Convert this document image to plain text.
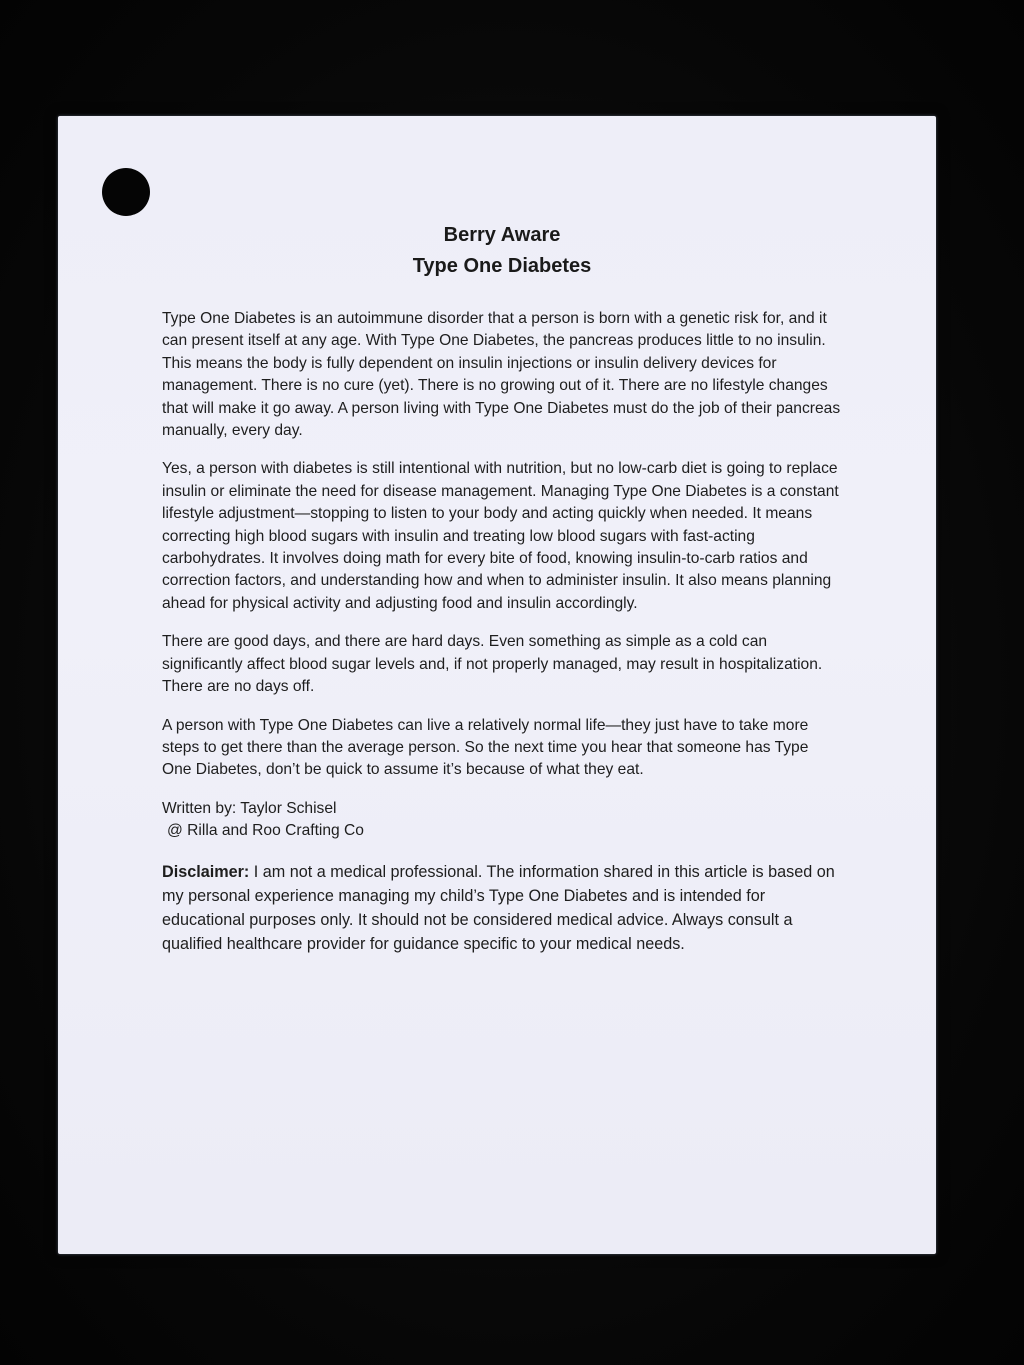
Berry Aware
Type One Diabetes

Type One Diabetes is an autoimmune disorder that a person is born with a genetic risk for, and it can present itself at any age. With Type One Diabetes, the pancreas produces little to no insulin. This means the body is fully dependent on insulin injections or insulin delivery devices for management. There is no cure (yet). There is no growing out of it. There are no lifestyle changes that will make it go away. A person living with Type One Diabetes must do the job of their pancreas manually, every day.

Yes, a person with diabetes is still intentional with nutrition, but no low-carb diet is going to replace insulin or eliminate the need for disease management. Managing Type One Diabetes is a constant lifestyle adjustment—stopping to listen to your body and acting quickly when needed. It means correcting high blood sugars with insulin and treating low blood sugars with fast-acting carbohydrates. It involves doing math for every bite of food, knowing insulin-to-carb ratios and correction factors, and understanding how and when to administer insulin. It also means planning ahead for physical activity and adjusting food and insulin accordingly.

There are good days, and there are hard days. Even something as simple as a cold can significantly affect blood sugar levels and, if not properly managed, may result in hospitalization. There are no days off.

A person with Type One Diabetes can live a relatively normal life—they just have to take more steps to get there than the average person. So the next time you hear that someone has Type One Diabetes, don’t be quick to assume it’s because of what they eat.

Written by: Taylor Schisel
@ Rilla and Roo Crafting Co

Disclaimer: I am not a medical professional. The information shared in this article is based on my personal experience managing my child’s Type One Diabetes and is intended for educational purposes only. It should not be considered medical advice. Always consult a qualified healthcare provider for guidance specific to your medical needs.
